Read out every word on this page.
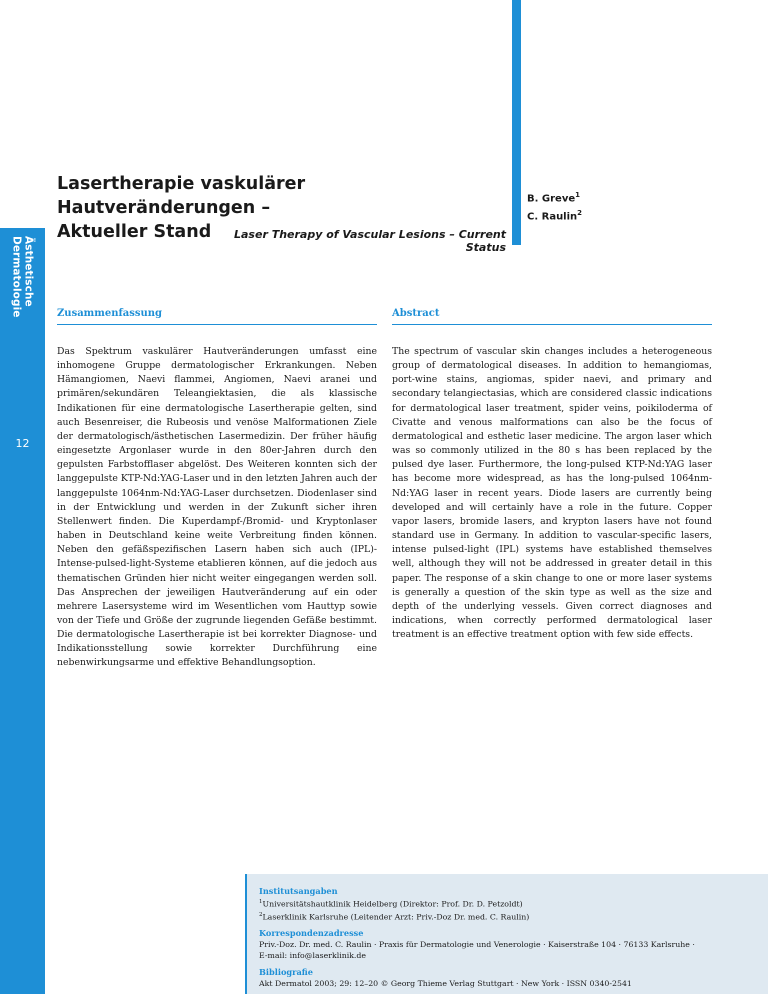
Ästhetische Dermatologie
12
Lasertherapie vaskulärer Hautveränderungen –
Aktueller Stand
B. Greve$^1$
C. Raulin$^2$
Laser Therapy of Vascular Lesions – Current Status
Zusammenfassung

Das Spektrum vaskulärer Hautveränderungen umfasst eine inhomogene Gruppe dermatologischer Erkrankungen. Neben Hämangiomen, Naevi flammei, Angiomen, Naevi aranei und primären/sekundären Teleangiektasien, die als klassische Indikationen für eine dermatologische Lasertherapie gelten, sind auch Besenreiser, die Rubeosis und venöse Malformationen Ziele der dermatologisch/ästhetischen Lasermedizin. Der früher häufig eingesetzte Argonlaser wurde in den 80er-Jahren durch den gepulsten Farbstofflaser abgelöst. Des Weiteren konnten sich der langgepulste KTP-Nd:YAG-Laser und in den letzten Jahren auch der langgepulste 1064nm-Nd:YAG-Laser durchsetzen. Diodenlaser sind in der Entwicklung und werden in der Zukunft sicher ihren Stellenwert finden. Die Kuperdampf-/Bromid- und Kryptonlaser haben in Deutschland keine weite Verbreitung finden können. Neben den gefäßspezifischen Lasern haben sich auch (IPL)-Intense-pulsed-light-Systeme etablieren können, auf die jedoch aus thematischen Gründen hier nicht weiter eingegangen werden soll. Das Ansprechen der jeweiligen Hautveränderung auf ein oder mehrere Lasersysteme wird im Wesentlichen vom Hauttyp sowie von der Tiefe und Größe der zugrunde liegenden Gefäße bestimmt. Die dermatologische Lasertherapie ist bei korrekter Diagnose- und Indikationsstellung sowie korrekter Durchführung eine nebenwirkungsarme und effektive Behandlungsoption.

Abstract

The spectrum of vascular skin changes includes a heterogeneous group of dermatological diseases. In addition to hemangiomas, port-wine stains, angiomas, spider naevi, and primary and secondary telangiectasias, which are considered classic indications for dermatological laser treatment, spider veins, poikiloderma of Civatte and venous malformations can also be the focus of dermatological and esthetic laser medicine. The argon laser which was so commonly utilized in the 80 s has been replaced by the pulsed dye laser. Furthermore, the long-pulsed KTP-Nd:YAG laser has become more widespread, as has the long-pulsed 1064nm-Nd:YAG laser in recent years. Diode lasers are currently being developed and will certainly have a role in the future. Copper vapor lasers, bromide lasers, and krypton lasers have not found standard use in Germany. In addition to vascular-specific lasers, intense pulsed-light (IPL) systems have established themselves well, although they will not be addressed in greater detail in this paper. The response of a skin change to one or more laser systems is generally a question of the skin type as well as the size and depth of the underlying vessels. Given correct diagnoses and indications, when correctly performed dermatological laser treatment is an effective treatment option with few side effects.

Institutsangaben
$^1$Universitätshautklinik Heidelberg (Direktor: Prof. Dr. D. Petzoldt)
$^2$Laserklinik Karlsruhe (Leitender Arzt: Priv.-Doz Dr. med. C. Raulin)
Korrespondenzadresse
Priv.-Doz. Dr. med. C. Raulin · Praxis für Dermatologie und Venerologie · Kaiserstraße 104 · 76133 Karlsruhe ·
E-mail: info@laserklinik.de
Bibliografie
Akt Dermatol 2003; 29: 12–20 © Georg Thieme Verlag Stuttgart · New York · ISSN 0340-2541
